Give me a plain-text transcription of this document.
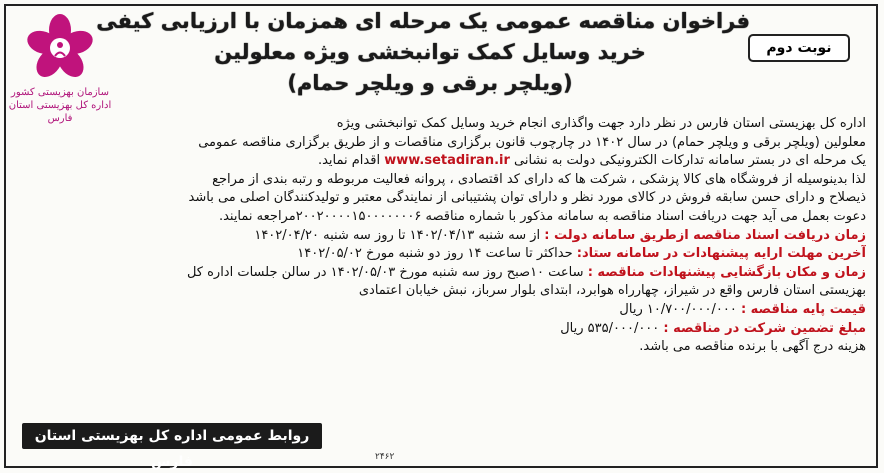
سازمان بهزیستی کشور
اداره کل بهزیستی استان فارس
فراخوان مناقصه عمومی یک مرحله ای همزمان با ارزیابی کیفی
خرید وسایل کمک توانبخشی ویژه معلولین
(ویلچر برقی و ویلچر حمام)
نوبت دوم
اداره کل بهزیستی استان فارس در نظر دارد جهت واگذاری انجام خرید وسایل کمک توانبخشی ویژه
معلولین (ویلچر برقی و ویلچر حمام) در سال ۱۴۰۲ در چارچوب قانون برگزاری مناقصات و از طریق برگزاری مناقصه عمومی
یک مرحله ای در بستر سامانه تدارکات الکترونیکی دولت به نشانی www.setadiran.ir اقدام نماید.
لذا بدینوسیله از فروشگاه های کالا پزشکی ، شرکت ها که دارای کد اقتصادی ، پروانه فعالیت مربوطه و رتبه بندی از مراجع
ذیصلاح و دارای حسن سابقه فروش در کالای مورد نظر و دارای توان پشتیبانی از نمایندگی معتبر و تولیدکنندگان اصلی می باشد
دعوت بعمل می آید جهت دریافت اسناد مناقصه به سامانه مذکور با شماره مناقصه ۲۰۰۲۰۰۰۰۱۵۰۰۰۰۰۰۰۶مراجعه نمایند.
زمان دریافت اسناد مناقصه ازطریق سامانه دولت : از سه شنبه ۱۴۰۲/۰۴/۱۳ تا روز سه شنبه ۱۴۰۲/۰۴/۲۰
آخرین مهلت ارایه پیشنهادات در سامانه ستاد: حداکثر تا ساعت ۱۴ روز دو شنبه مورخ ۱۴۰۲/۰۵/۰۲
زمان و مکان بازگشایی پیشنهادات مناقصه : ساعت ۱۰صبح روز سه شنبه مورخ ۱۴۰۲/۰۵/۰۳ در سالن جلسات اداره کل
بهزیستی استان فارس واقع در شیراز، چهارراه هوابرد، ابتدای بلوار سرباز، نبش خیابان اعتمادی
قیمت پایه مناقصه : ۱۰/۷۰۰/۰۰۰/۰۰۰ ریال
مبلغ تضمین شرکت در مناقصه : ۵۳۵/۰۰۰/۰۰۰ ریال
هزینه درج آگهی با برنده مناقصه می باشد.
روابط عمومی اداره کل بهزیستی استان فارس	۲۴۶۲
